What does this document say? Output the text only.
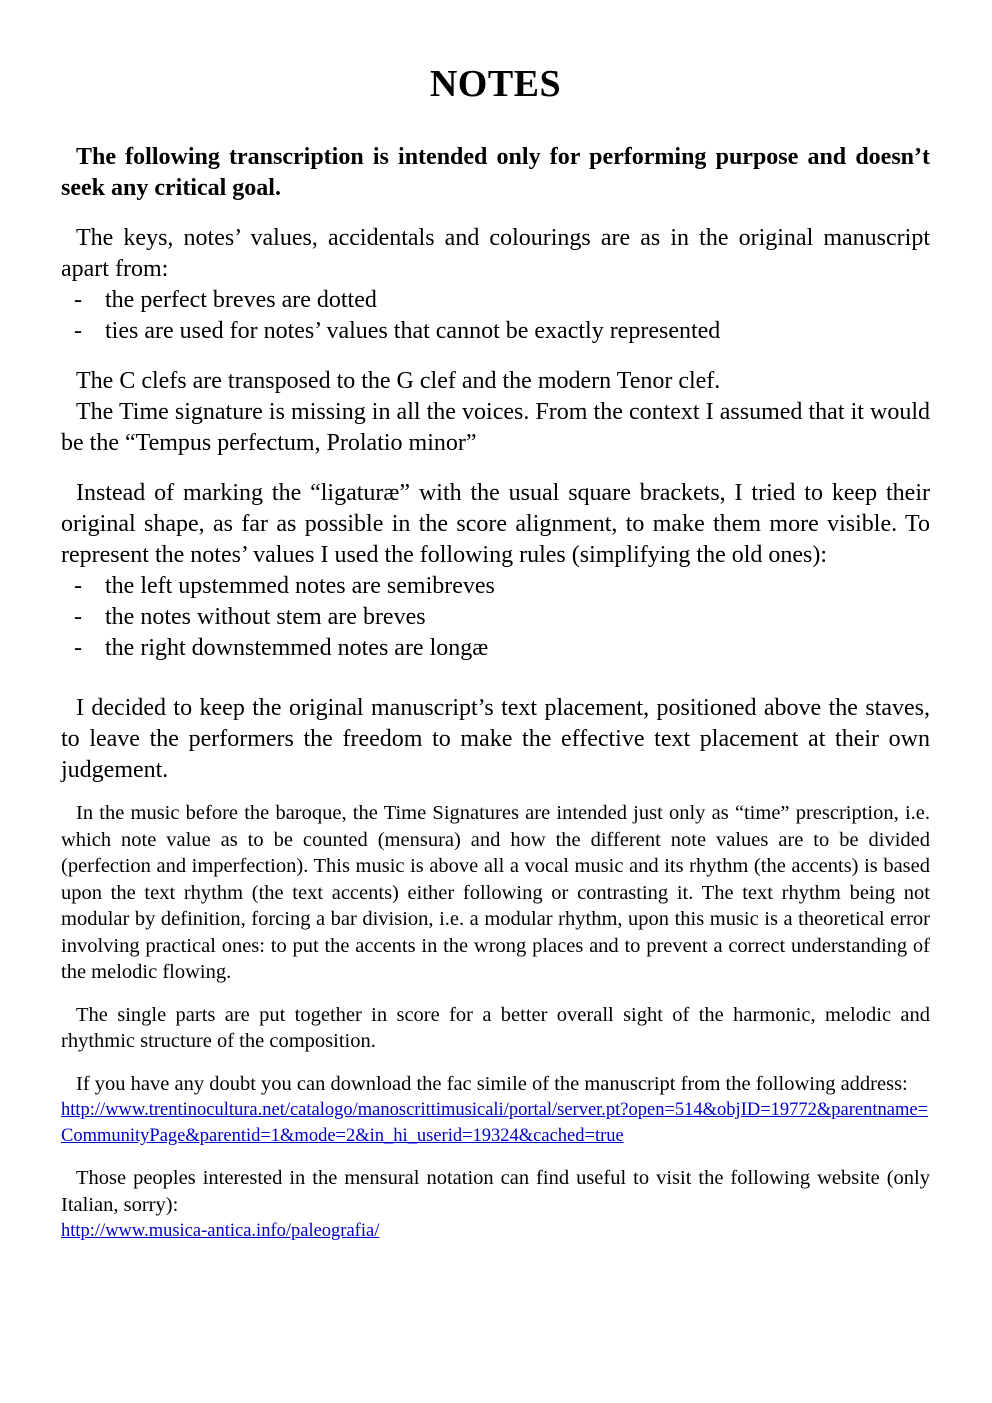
NOTES

The following transcription is intended only for performing purpose and doesn’t seek any critical goal.

The keys, notes’ values, accidentals and colourings are as in the original manuscript apart from:

- the perfect breves are dotted
- ties are used for notes’ values that cannot be exactly represented

The C clefs are transposed to the G clef and the modern Tenor clef.

The Time signature is missing in all the voices. From the context I assumed that it would be the “Tempus perfectum, Prolatio minor”

Instead of marking the “ligaturæ” with the usual square brackets, I tried to keep their original shape, as far as possible in the score alignment, to make them more visible. To represent the notes’ values I used the following rules (simplifying the old ones):

- the left upstemmed notes are semibreves
- the notes without stem are breves
- the right downstemmed notes are longæ

I decided to keep the original manuscript’s text placement, positioned above the staves, to leave the performers the freedom to make the effective text placement at their own judgement.

In the music before the baroque, the Time Signatures are intended just only as “time” prescription, i.e. which note value as to be counted (mensura) and how the different note values are to be divided (perfection and imperfection). This music is above all a vocal music and its rhythm (the accents) is based upon the text rhythm (the text accents) either following or contrasting it. The text rhythm being not modular by definition, forcing a bar division, i.e. a modular rhythm, upon this music is a theoretical error involving practical ones: to put the accents in the wrong places and to prevent a correct understanding of the melodic flowing.

The single parts are put together in score for a better overall sight of the harmonic, melodic and rhythmic structure of the composition.

If you have any doubt you can download the fac simile of the manuscript from the following address:

http://www.trentinocultura.net/catalogo/manoscrittimusicali/portal/server.pt?open=514&objID=19772&parentname=CommunityPage&parentid=1&mode=2&in_hi_userid=19324&cached=true

Those peoples interested in the mensural notation can find useful to visit the following website (only Italian, sorry):

http://www.musica-antica.info/paleografia/
